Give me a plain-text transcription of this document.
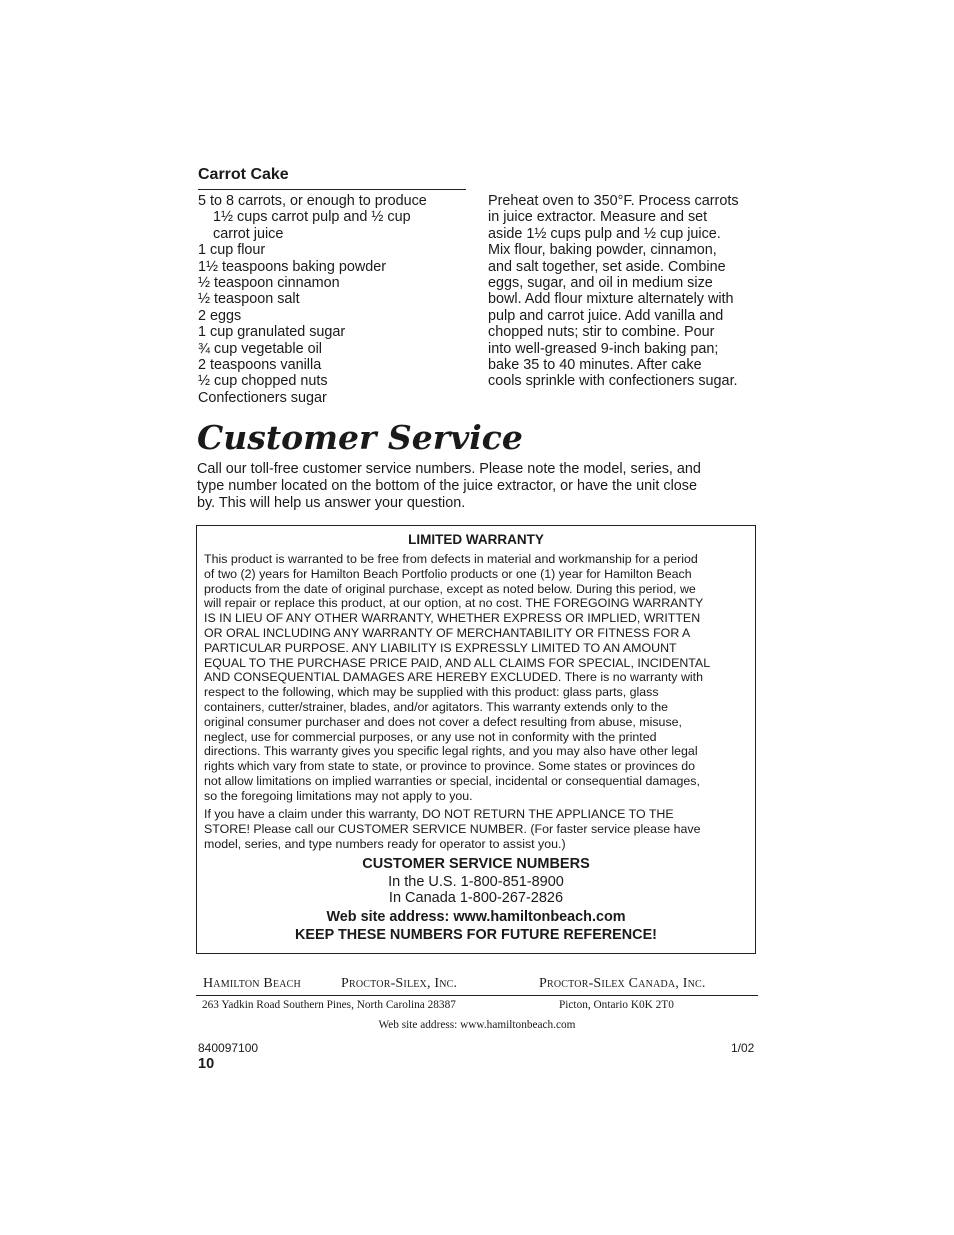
Carrot Cake
5 to 8 carrots, or enough to produce
1½ cups carrot pulp and ½ cup
carrot juice
1 cup flour
1½ teaspoons baking powder
½ teaspoon cinnamon
½ teaspoon salt
2 eggs
1 cup granulated sugar
¾ cup vegetable oil
2 teaspoons vanilla
½ cup chopped nuts
Confectioners sugar

Preheat oven to 350°F. Process carrots
in juice extractor. Measure and set
aside 1½ cups pulp and ½ cup juice.
Mix flour, baking powder, cinnamon,
and salt together, set aside. Combine
eggs, sugar, and oil in medium size
bowl. Add flour mixture alternately with
pulp and carrot juice. Add vanilla and
chopped nuts; stir to combine. Pour
into well-greased 9-inch baking pan;
bake 35 to 40 minutes. After cake
cools sprinkle with confectioners sugar.

Customer Service

Call our toll-free customer service numbers. Please note the model, series, and
type number located on the bottom of the juice extractor, or have the unit close
by. This will help us answer your question.

LIMITED WARRANTY

This product is warranted to be free from defects in material and workmanship for a period
of two (2) years for Hamilton Beach Portfolio products or one (1) year for Hamilton Beach
products from the date of original purchase, except as noted below. During this period, we
will repair or replace this product, at our option, at no cost. THE FOREGOING WARRANTY
IS IN LIEU OF ANY OTHER WARRANTY, WHETHER EXPRESS OR IMPLIED, WRITTEN
OR ORAL INCLUDING ANY WARRANTY OF MERCHANTABILITY OR FITNESS FOR A
PARTICULAR PURPOSE. ANY LIABILITY IS EXPRESSLY LIMITED TO AN AMOUNT
EQUAL TO THE PURCHASE PRICE PAID, AND ALL CLAIMS FOR SPECIAL, INCIDENTAL
AND CONSEQUENTIAL DAMAGES ARE HEREBY EXCLUDED. There is no warranty with
respect to the following, which may be supplied with this product: glass parts, glass
containers, cutter/strainer, blades, and/or agitators. This warranty extends only to the
original consumer purchaser and does not cover a defect resulting from abuse, misuse,
neglect, use for commercial purposes, or any use not in conformity with the printed
directions. This warranty gives you specific legal rights, and you may also have other legal
rights which vary from state to state, or province to province. Some states or provinces do
not allow limitations on implied warranties or special, incidental or consequential damages,
so the foregoing limitations may not apply to you.

If you have a claim under this warranty, DO NOT RETURN THE APPLIANCE TO THE
STORE! Please call our CUSTOMER SERVICE NUMBER. (For faster service please have
model, series, and type numbers ready for operator to assist you.)

CUSTOMER SERVICE NUMBERS
In the U.S. 1-800-851-8900
In Canada 1-800-267-2826
Web site address: www.hamiltonbeach.com
KEEP THESE NUMBERS FOR FUTURE REFERENCE!
Hamilton Beach	Proctor-Silex, Inc.	Proctor-Silex Canada, Inc.
263 Yadkin Road Southern Pines, North Carolina 28387	Picton, Ontario K0K 2T0
Web site address: www.hamiltonbeach.com
840097100	1/02
10
